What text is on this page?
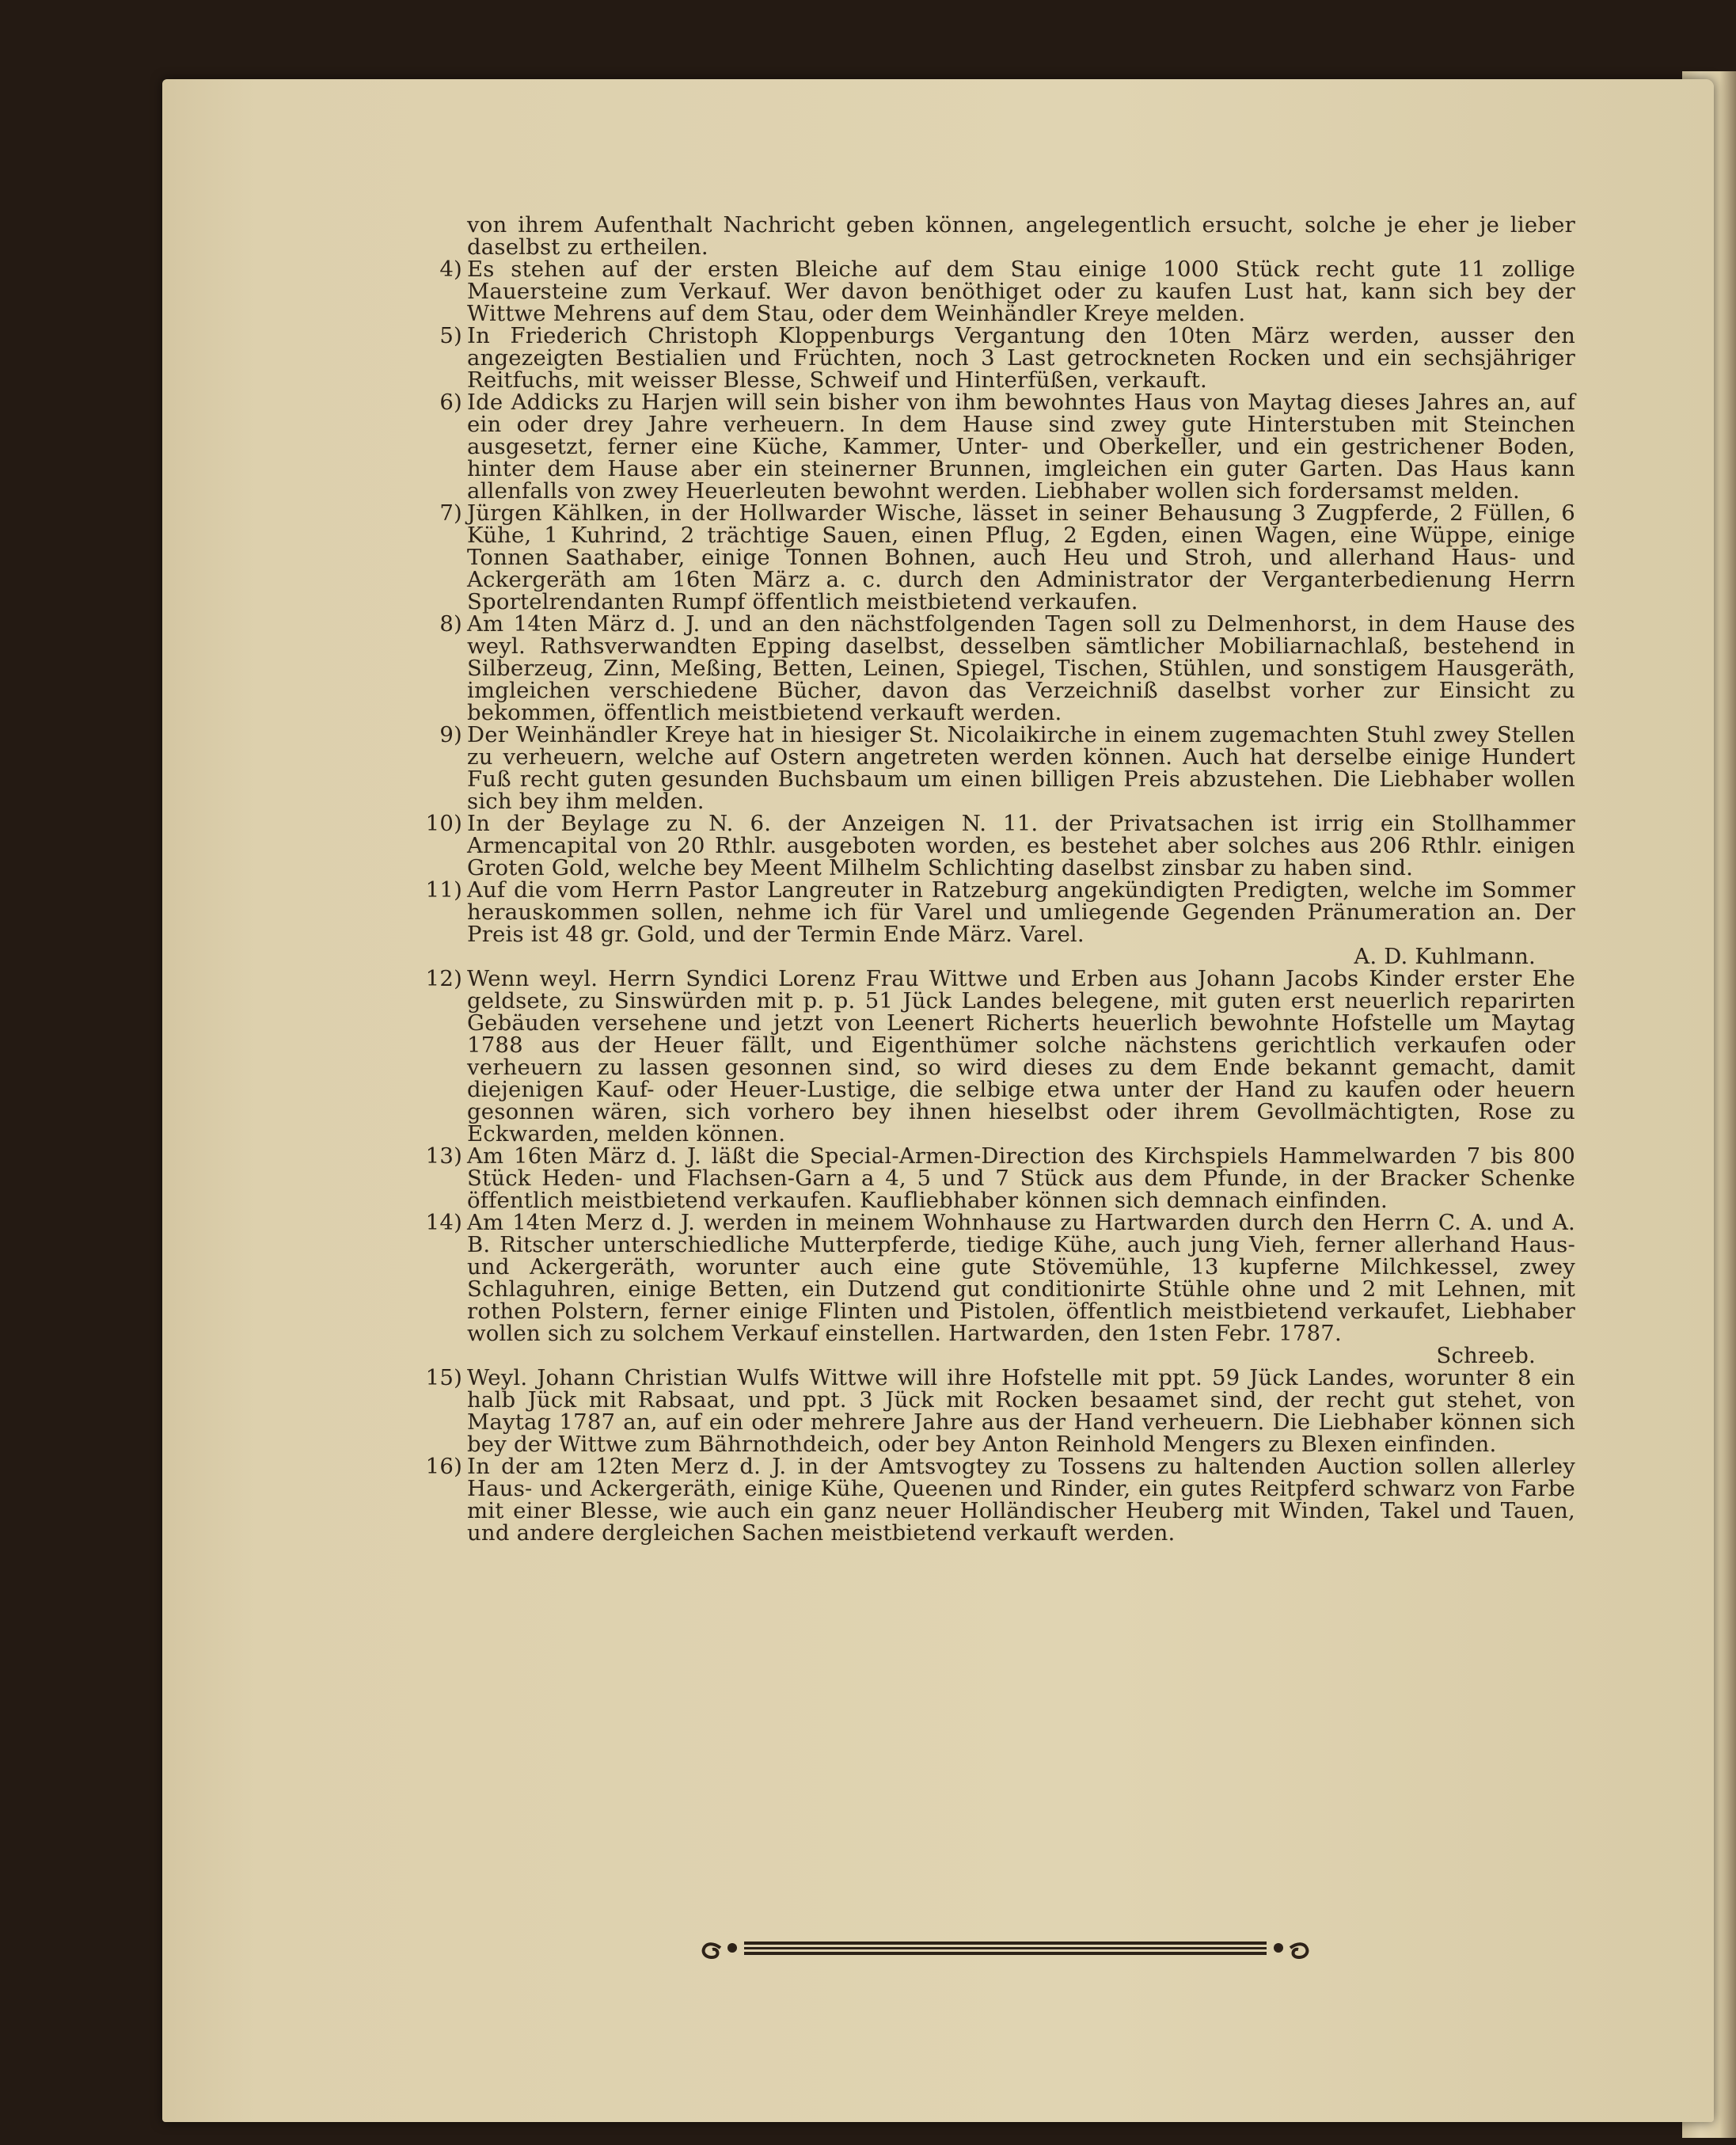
von ihrem Aufenthalt Nachricht geben können, angelegentlich ersucht, solche je eher je lieber daselbst zu ertheilen.
4) Es stehen auf der ersten Bleiche auf dem Stau einige 1000 Stück recht gute 11 zollige Mauersteine zum Verkauf. Wer davon benöthiget oder zu kaufen Lust hat, kann sich bey der Wittwe Mehrens auf dem Stau, oder dem Weinhändler Kreye melden.
5) In Friederich Christoph Kloppenburgs Vergantung den 10ten März werden, ausser den angezeigten Bestialien und Früchten, noch 3 Last getrockneten Rocken und ein sechsjähriger Reitfuchs, mit weisser Blesse, Schweif und Hinterfüßen, verkauft.
6) Ide Addicks zu Harjen will sein bisher von ihm bewohntes Haus von Maytag dieses Jahres an, auf ein oder drey Jahre verheuern. In dem Hause sind zwey gute Hinterstuben mit Steinchen ausgesetzt, ferner eine Küche, Kammer, Unter- und Oberkeller, und ein gestrichener Boden, hinter dem Hause aber ein steinerner Brunnen, imgleichen ein guter Garten. Das Haus kann allenfalls von zwey Heuerleuten bewohnt werden. Liebhaber wollen sich fordersamst melden.
7) Jürgen Kählken, in der Hollwarder Wische, lässet in seiner Behausung 3 Zugpferde, 2 Füllen, 6 Kühe, 1 Kuhrind, 2 trächtige Sauen, einen Pflug, 2 Egden, einen Wagen, eine Wüppe, einige Tonnen Saathaber, einige Tonnen Bohnen, auch Heu und Stroh, und allerhand Haus- und Ackergeräth am 16ten März a. c. durch den Administrator der Verganterbedienung Herrn Sportelrendanten Rumpf öffentlich meistbietend verkaufen.
8) Am 14ten März d. J. und an den nächstfolgenden Tagen soll zu Delmenhorst, in dem Hause des weyl. Rathsverwandten Epping daselbst, desselben sämtlicher Mobiliarnachlaß, bestehend in Silberzeug, Zinn, Meßing, Betten, Leinen, Spiegel, Tischen, Stühlen, und sonstigem Hausgeräth, imgleichen verschiedene Bücher, davon das Verzeichniß daselbst vorher zur Einsicht zu bekommen, öffentlich meistbietend verkauft werden.
9) Der Weinhändler Kreye hat in hiesiger St. Nicolaikirche in einem zugemachten Stuhl zwey Stellen zu verheuern, welche auf Ostern angetreten werden können. Auch hat derselbe einige Hundert Fuß recht guten gesunden Buchsbaum um einen billigen Preis abzustehen. Die Liebhaber wollen sich bey ihm melden.
10) In der Beylage zu N. 6. der Anzeigen N. 11. der Privatsachen ist irrig ein Stollhammer Armencapital von 20 Rthlr. ausgeboten worden, es bestehet aber solches aus 206 Rthlr. einigen Groten Gold, welche bey Meent Milhelm Schlichting daselbst zinsbar zu haben sind.
11) Auf die vom Herrn Pastor Langreuter in Ratzeburg angekündigten Predigten, welche im Sommer herauskommen sollen, nehme ich für Varel und umliegende Gegenden Pränumeration an. Der Preis ist 48 gr. Gold, und der Termin Ende März. Varel.
A. D. Kuhlmann.
12) Wenn weyl. Herrn Syndici Lorenz Frau Wittwe und Erben aus Johann Jacobs Kinder erster Ehe geldsete, zu Sinswürden mit p. p. 51 Jück Landes belegene, mit guten erst neuerlich reparirten Gebäuden versehene und jetzt von Leenert Richerts heuerlich bewohnte Hofstelle um Maytag 1788 aus der Heuer fällt, und Eigenthümer solche nächstens gerichtlich verkaufen oder verheuern zu lassen gesonnen sind, so wird dieses zu dem Ende bekannt gemacht, damit diejenigen Kauf- oder Heuer-Lustige, die selbige etwa unter der Hand zu kaufen oder heuern gesonnen wären, sich vorhero bey ihnen hieselbst oder ihrem Gevollmächtigten, Rose zu Eckwarden, melden können.
13) Am 16ten März d. J. läßt die Special-Armen-Direction des Kirchspiels Hammelwarden 7 bis 800 Stück Heden- und Flachsen-Garn a 4, 5 und 7 Stück aus dem Pfunde, in der Bracker Schenke öffentlich meistbietend verkaufen. Kaufliebhaber können sich demnach einfinden.
14) Am 14ten Merz d. J. werden in meinem Wohnhause zu Hartwarden durch den Herrn C. A. und A. B. Ritscher unterschiedliche Mutterpferde, tiedige Kühe, auch jung Vieh, ferner allerhand Haus- und Ackergeräth, worunter auch eine gute Stövemühle, 13 kupferne Milchkessel, zwey Schlaguhren, einige Betten, ein Dutzend gut conditionirte Stühle ohne und 2 mit Lehnen, mit rothen Polstern, ferner einige Flinten und Pistolen, öffentlich meistbietend verkaufet, Liebhaber wollen sich zu solchem Verkauf einstellen. Hartwarden, den 1sten Febr. 1787.
Schreeb.
15) Weyl. Johann Christian Wulfs Wittwe will ihre Hofstelle mit ppt. 59 Jück Landes, worunter 8 ein halb Jück mit Rabsaat, und ppt. 3 Jück mit Rocken besaamet sind, der recht gut stehet, von Maytag 1787 an, auf ein oder mehrere Jahre aus der Hand verheuern. Die Liebhaber können sich bey der Wittwe zum Bährnothdeich, oder bey Anton Reinhold Mengers zu Blexen einfinden.
16) In der am 12ten Merz d. J. in der Amtsvogtey zu Tossens zu haltenden Auction sollen allerley Haus- und Ackergeräth, einige Kühe, Queenen und Rinder, ein gutes Reitpferd schwarz von Farbe mit einer Blesse, wie auch ein ganz neuer Holländischer Heuberg mit Winden, Takel und Tauen, und andere dergleichen Sachen meistbietend verkauft werden.
